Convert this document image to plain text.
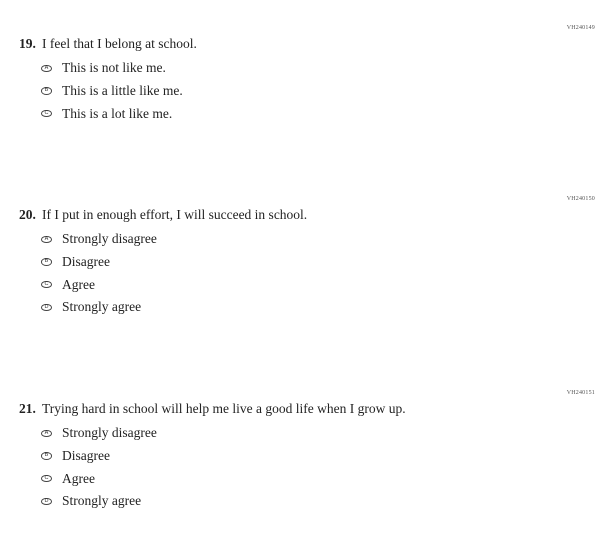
VH240149
19. I feel that I belong at school.
A This is not like me.
B This is a little like me.
C This is a lot like me.
VH240150
20. If I put in enough effort, I will succeed in school.
A Strongly disagree
B Disagree
C Agree
D Strongly agree
VH240151
21. Trying hard in school will help me live a good life when I grow up.
A Strongly disagree
B Disagree
C Agree
D Strongly agree
